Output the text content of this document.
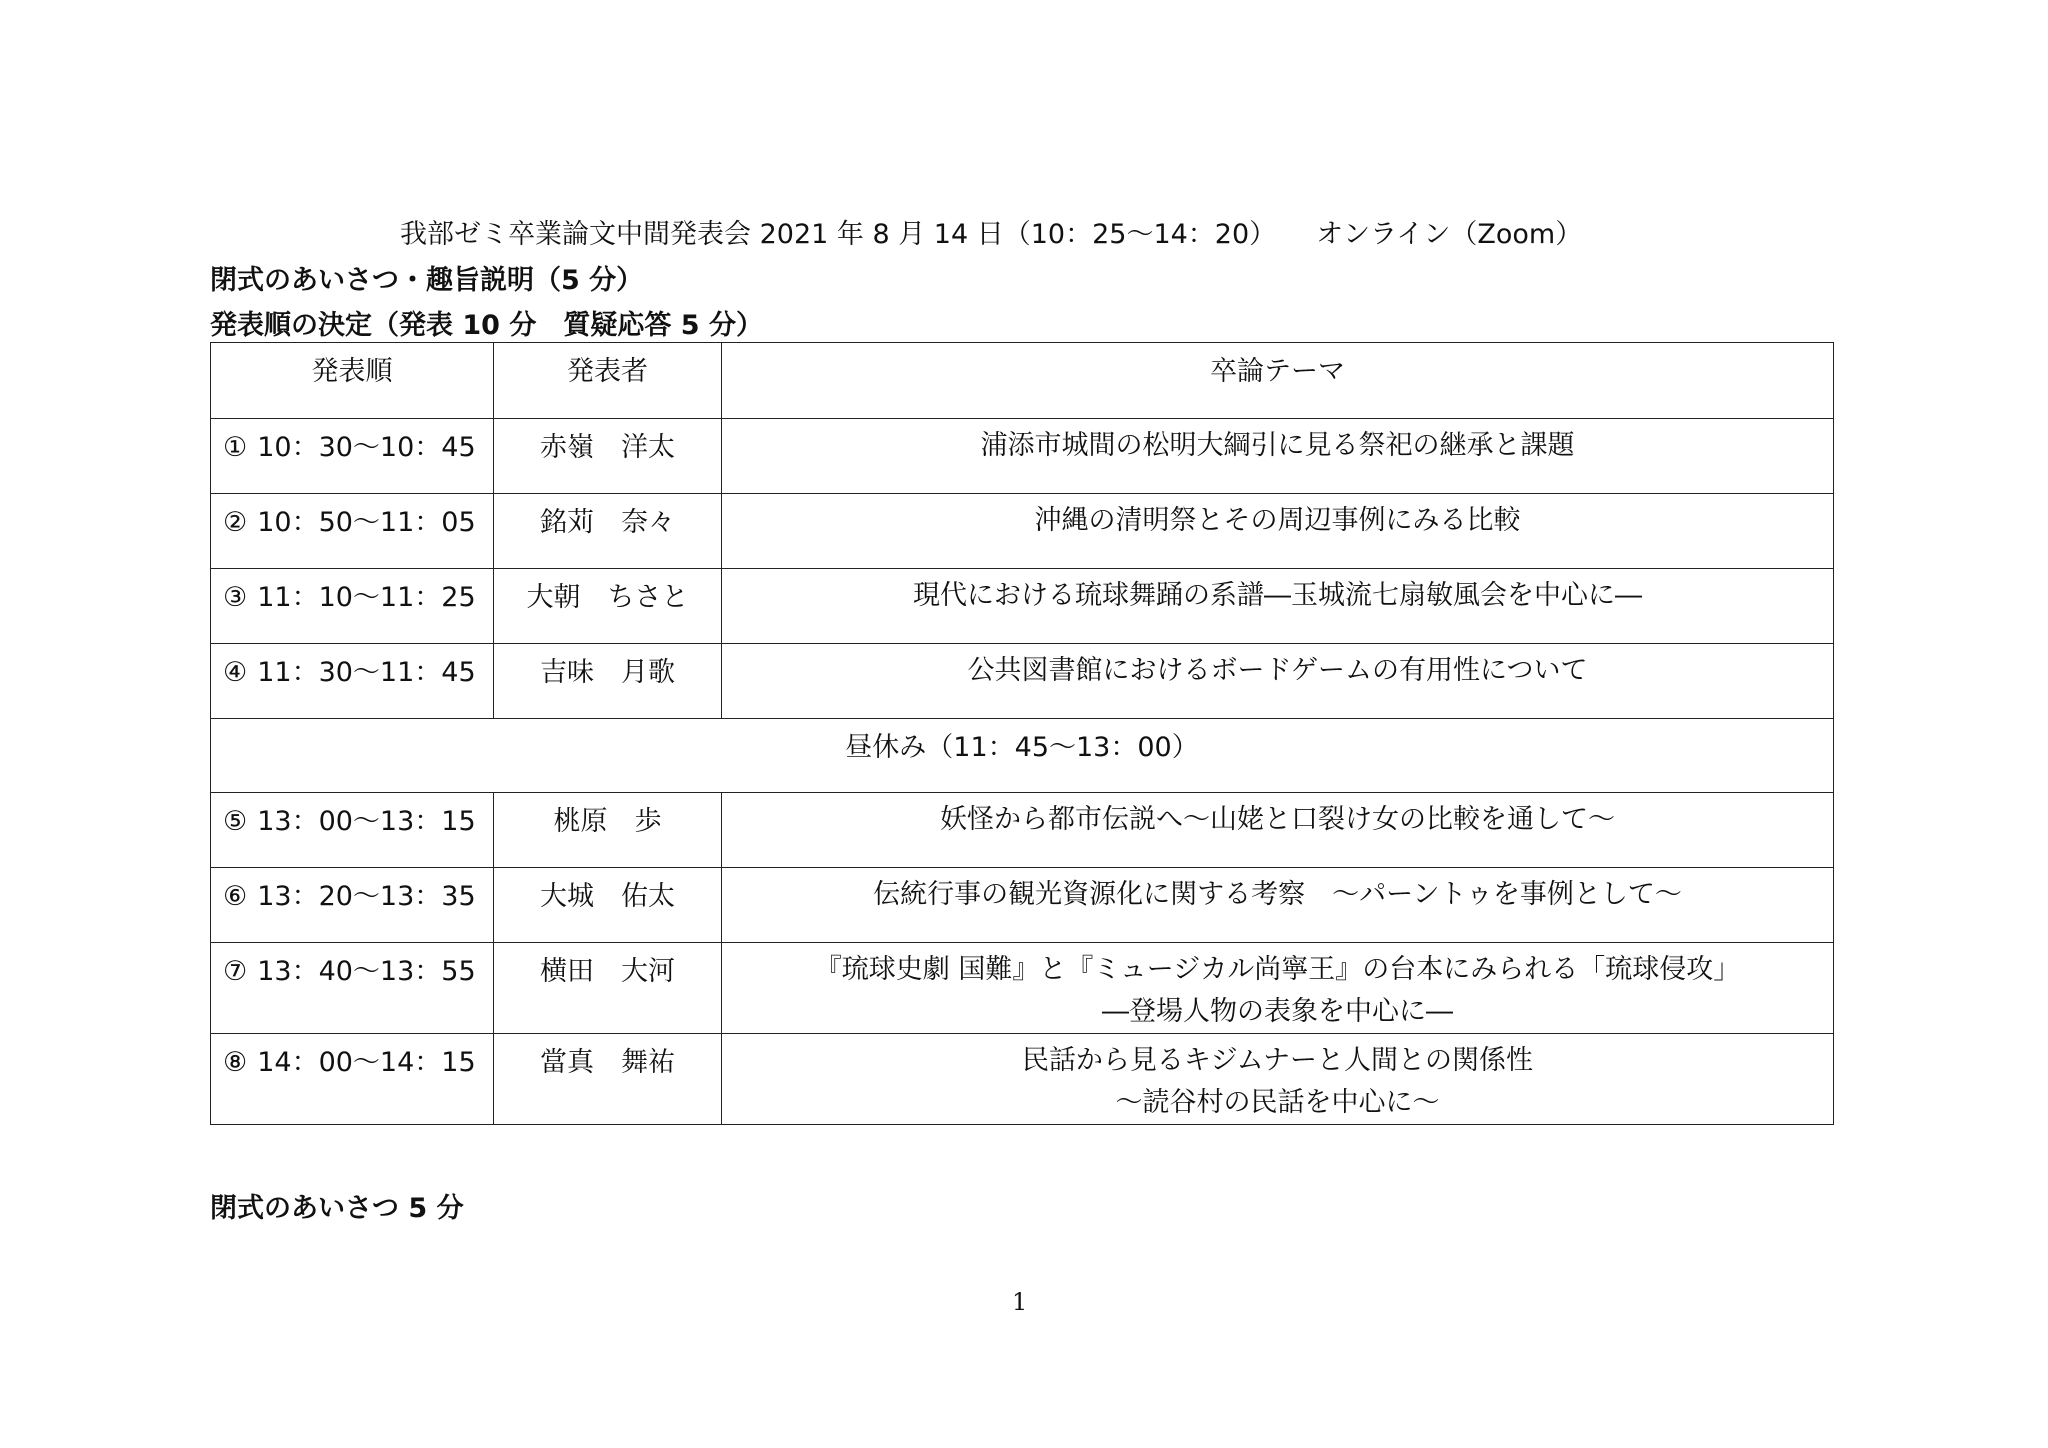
我部ゼミ卒業論文中間発表会 2021 年 8 月 14 日（10：25〜14：20） オンライン（Zoom）
閉式のあいさつ・趣旨説明（5 分）
発表順の決定（発表 10 分　質疑応答 5 分）
発表順	発表者	卒論テーマ
① 10：30〜10：45	赤嶺　洋太	浦添市城間の松明大綱引に見る祭祀の継承と課題

② 10：50〜11：05	銘苅　奈々	沖縄の清明祭とその周辺事例にみる比較

③ 11：10〜11：25	大朝　ちさと	現代における琉球舞踊の系譜―玉城流七扇敏風会を中心に―

④ 11：30〜11：45	吉味　月歌	公共図書館におけるボードゲームの有用性について

昼休み（11：45〜13：00）		
⑤ 13：00〜13：15	桃原　歩	妖怪から都市伝説へ〜山姥と口裂け女の比較を通して〜

⑥ 13：20〜13：35	大城　佑太	伝統行事の観光資源化に関する考察　〜パーントゥを事例として〜

⑦ 13：40〜13：55	横田　大河	『琉球史劇 国難』と『ミュージカル尚寧王』の台本にみられる「琉球侵攻」
―登場人物の表象を中心に―

⑧ 14：00〜14：15	當真　舞祐	民話から見るキジムナーと人間との関係性
〜読谷村の民話を中心に〜
閉式のあいさつ 5 分
1
